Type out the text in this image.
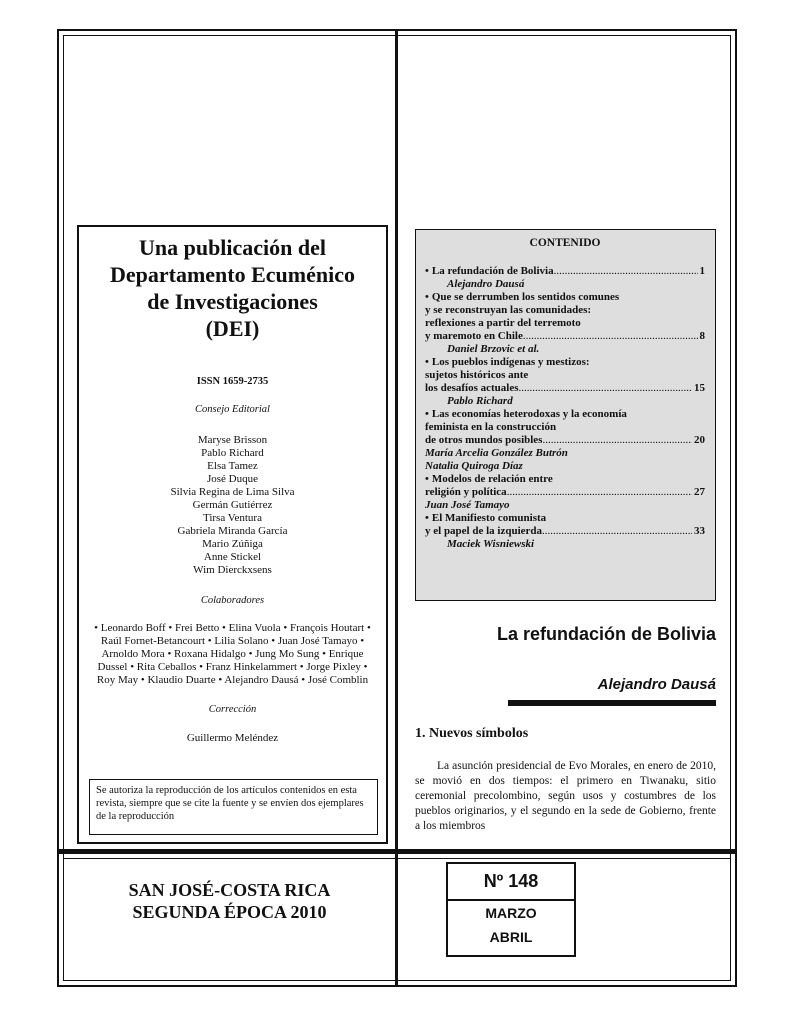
Una publicación del
Departamento Ecuménico
de Investigaciones
(DEI)
ISSN 1659-2735
Consejo Editorial
Maryse Brisson
Pablo Richard
Elsa Tamez
José Duque
Silvia Regina de Lima Silva
Germán Gutiérrez
Tirsa Ventura
Gabriela Miranda García
Mario Zúñiga
Anne Stickel
Wim Dierckxsens
Colaboradores
• Leonardo Boff • Frei Betto • Elina Vuola • François Houtart • Raúl Fornet-Betancourt • Lilia Solano • Juan José Tamayo • Arnoldo Mora • Roxana Hidalgo • Jung Mo Sung • Enrique Dussel • Rita Ceballos • Franz Hinkelammert • Jorge Pixley • Roy May • Klaudio Duarte • Alejandro Dausá • José Comblin
Corrección
Guillermo Meléndez
Se autoriza la reproducción de los artículos contenidos en esta revista, siempre que se cite la fuente y se envíen dos ejemplares de la reproducción
CONTENIDO
• La refundación de Bolivia .....	1
Alejandro Dausá
• Que se derrumben los sentidos comunes
y se reconstruyan las comunidades:
reflexiones a partir del terremoto
y maremoto en Chile .....	8
Daniel Brzovic et al.
• Los pueblos indígenas y mestizos:
sujetos históricos ante
los desafíos actuales .....	15
Pablo Richard
• Las economías heterodoxas y la economía
feminista en la construcción
de otros mundos posibles .....	20
María Arcelia González Butrón
Natalia Quiroga Díaz
• Modelos de relación entre
religión y política .....	27
Juan José Tamayo
• El Manifiesto comunista
y el papel de la izquierda .....	33
Maciek Wisniewski
La refundación de Bolivia
Alejandro Dausá
1. Nuevos símbolos
La asunción presidencial de Evo Morales, en enero de 2010, se movió en dos tiempos: el primero en Tiwanaku, sitio ceremonial precolombino, según usos y costumbres de los pueblos originarios, y el segundo en la sede de Gobierno, frente a los miembros
SAN JOSÉ-COSTA RICA
SEGUNDA ÉPOCA 2010
Nº 148
MARZO
ABRIL
